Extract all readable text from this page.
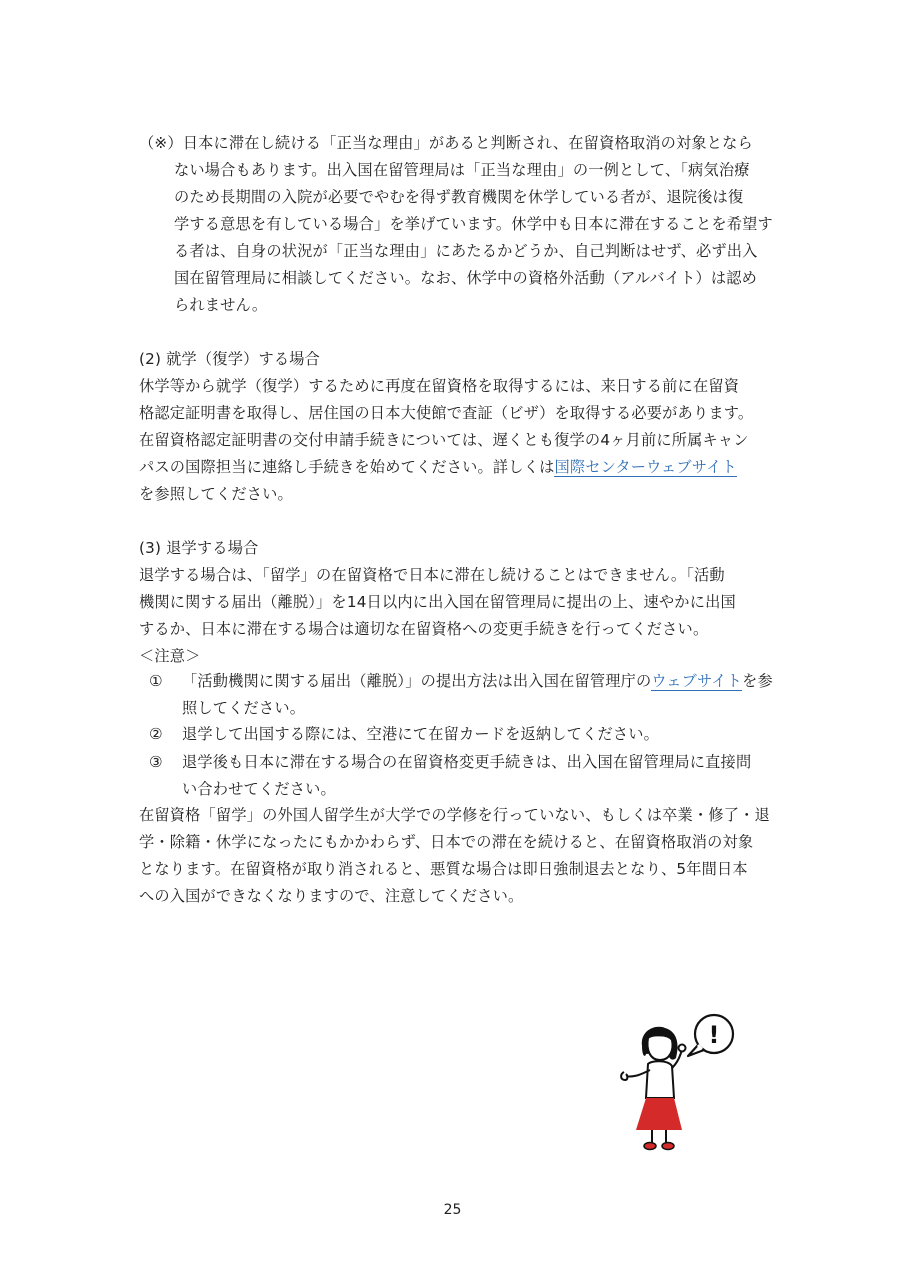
（※）日本に滞在し続ける「正当な理由」があると判断され、在留資格取消の対象となら
ない場合もあります。出入国在留管理局は「正当な理由」の一例として、「病気治療
のため長期間の入院が必要でやむを得ず教育機関を休学している者が、退院後は復
学する意思を有している場合」を挙げています。休学中も日本に滞在することを希望す
る者は、自身の状況が「正当な理由」にあたるかどうか、自己判断はせず、必ず出入
国在留管理局に相談してください。なお、休学中の資格外活動（アルバイト）は認め
られません。
(2) 就学（復学）する場合
休学等から就学（復学）するために再度在留資格を取得するには、来日する前に在留資
格認定証明書を取得し、居住国の日本大使館で査証（ビザ）を取得する必要があります。
在留資格認定証明書の交付申請手続きについては、遅くとも復学の4ヶ月前に所属キャン
パスの国際担当に連絡し手続きを始めてください。詳しくは国際センターウェブサイト
を参照してください。
(3) 退学する場合
退学する場合は、「留学」の在留資格で日本に滞在し続けることはできません。「活動
機関に関する届出（離脱）」を14日以内に出入国在留管理局に提出の上、速やかに出国
するか、日本に滞在する場合は適切な在留資格への変更手続きを行ってください。
＜注意＞
① 「活動機関に関する届出（離脱）」の提出方法は出入国在留管理庁のウェブサイトを参
照してください。
② 退学して出国する際には、空港にて在留カードを返納してください。
③ 退学後も日本に滞在する場合の在留資格変更手続きは、出入国在留管理局に直接問
い合わせてください。
在留資格「留学」の外国人留学生が大学での学修を行っていない、もしくは卒業・修了・退
学・除籍・休学になったにもかかわらず、日本での滞在を続けると、在留資格取消の対象
となります。在留資格が取り消されると、悪質な場合は即日強制退去となり、5年間日本
への入国ができなくなりますので、注意してください。
!
25
